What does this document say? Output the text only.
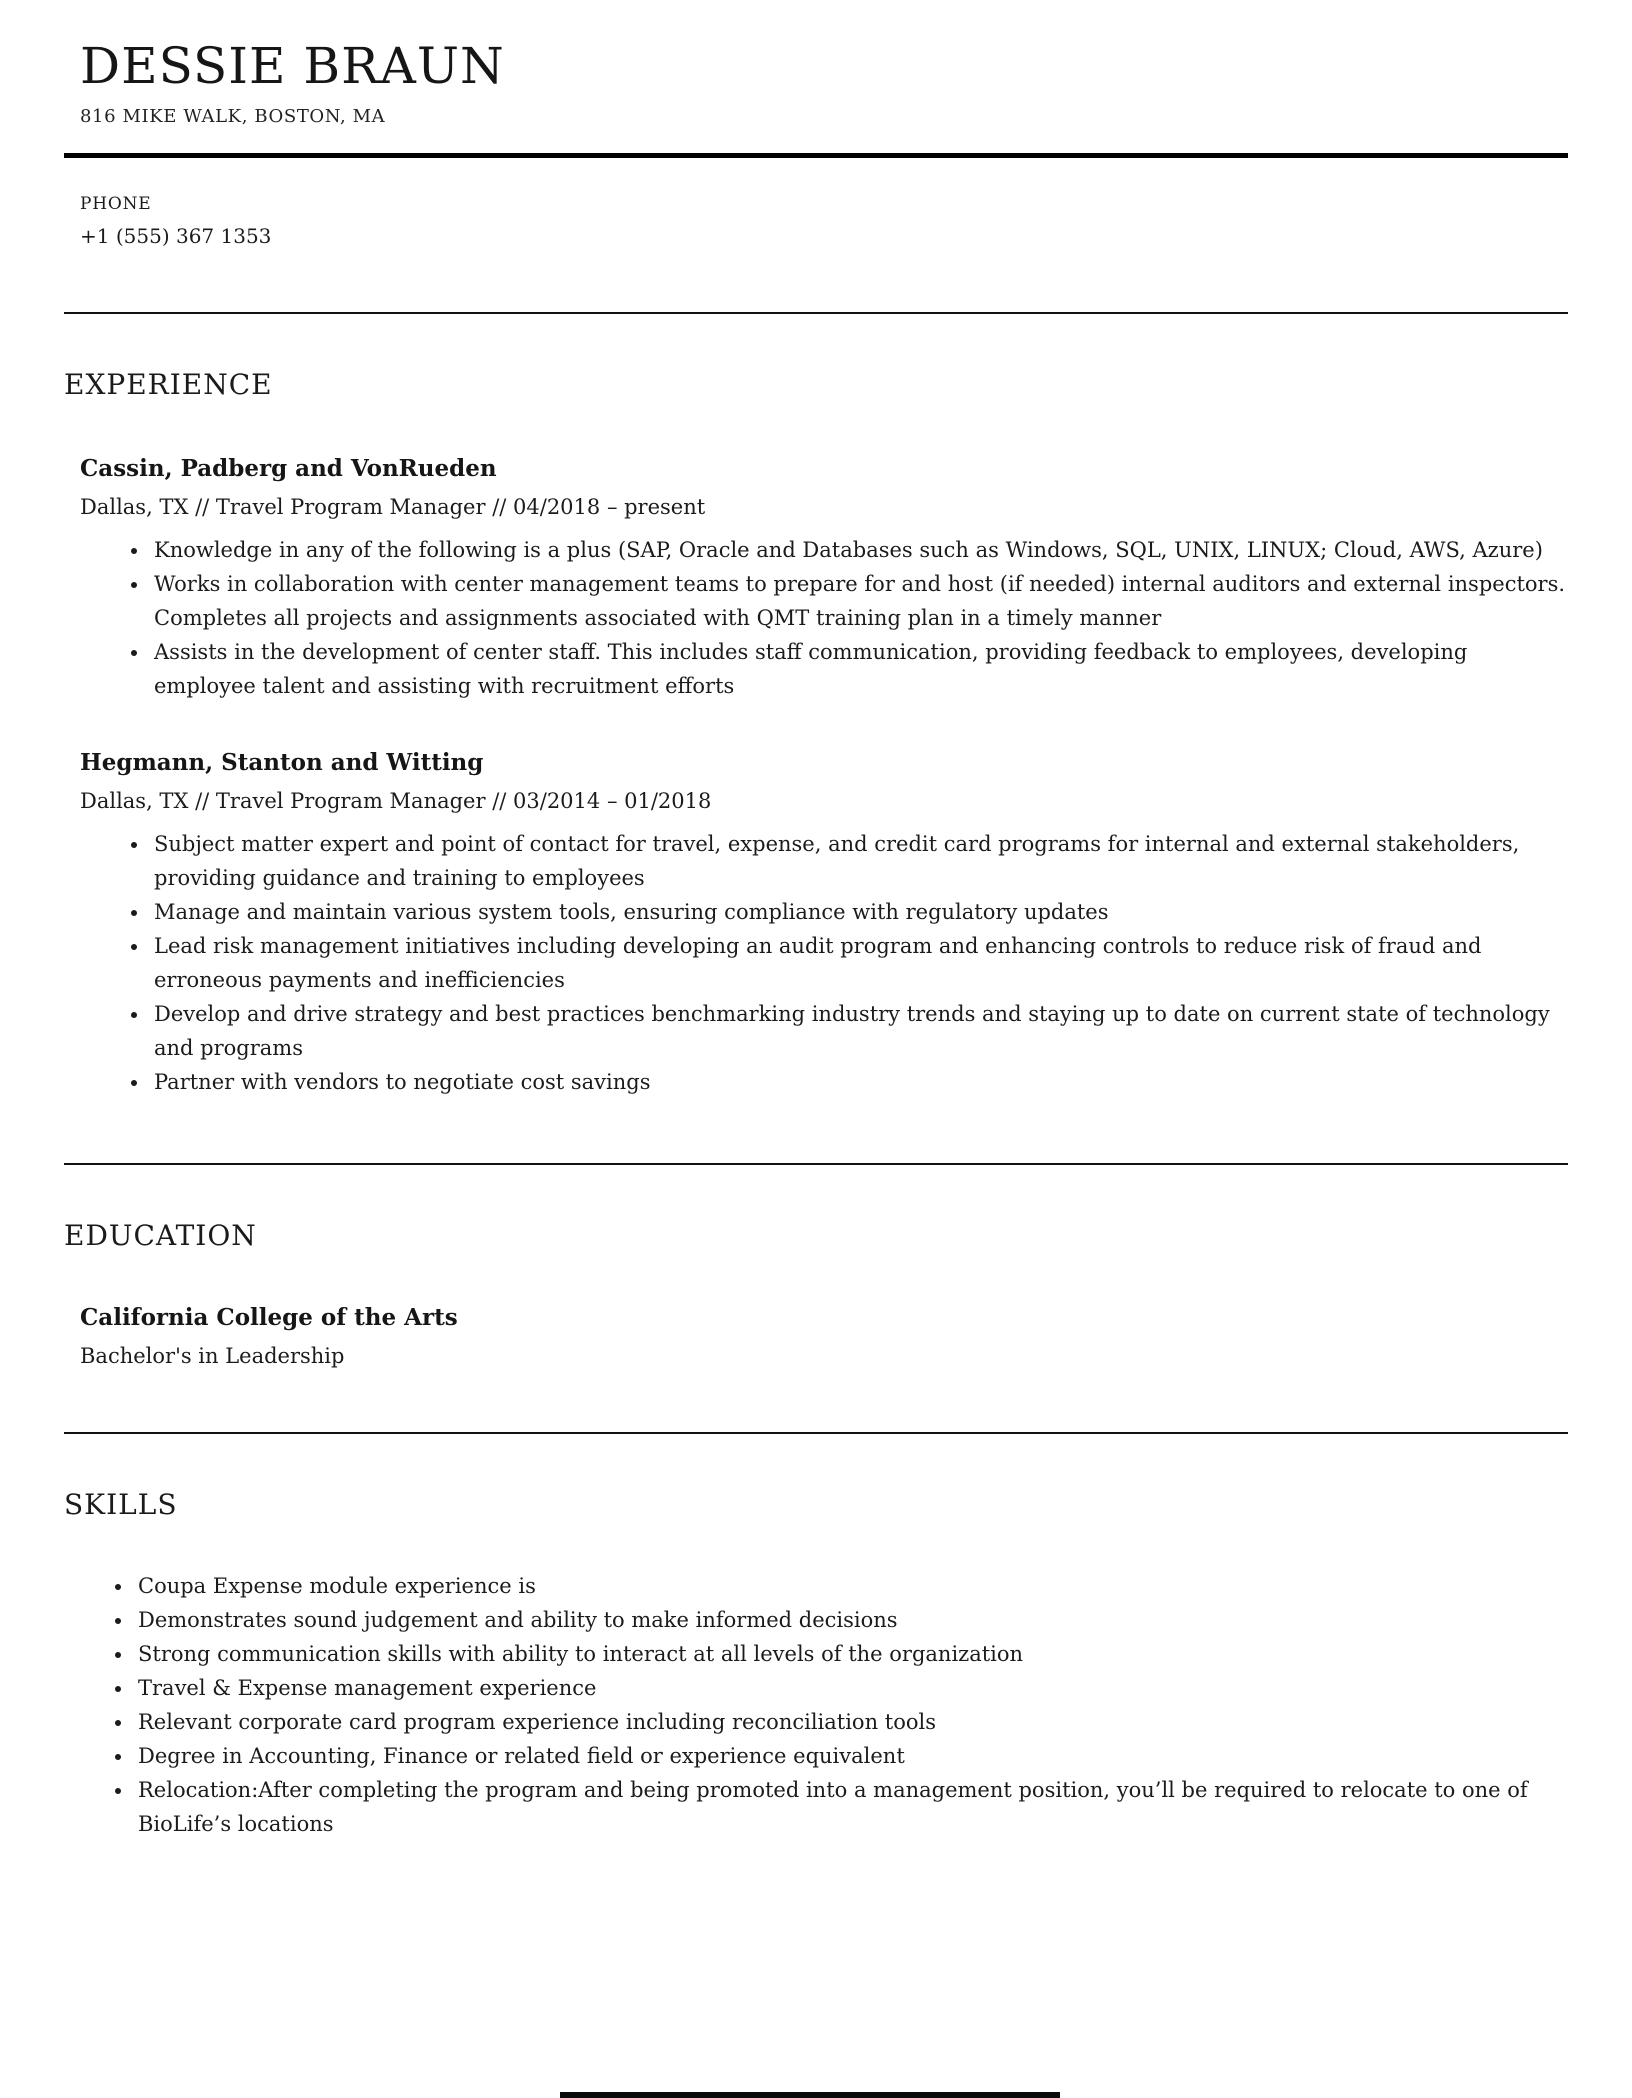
DESSIE BRAUN
816 MIKE WALK, BOSTON, MA
PHONE
+1 (555) 367 1353
EXPERIENCE
Cassin, Padberg and VonRueden
Dallas, TX // Travel Program Manager // 04/2018 – present
• Knowledge in any of the following is a plus (SAP, Oracle and Databases such as Windows, SQL, UNIX, LINUX; Cloud, AWS, Azure)
• Works in collaboration with center management teams to prepare for and host (if needed) internal auditors and external inspectors. Completes all projects and assignments associated with QMT training plan in a timely manner
• Assists in the development of center staff. This includes staff communication, providing feedback to employees, developing employee talent and assisting with recruitment efforts
Hegmann, Stanton and Witting
Dallas, TX // Travel Program Manager // 03/2014 – 01/2018
• Subject matter expert and point of contact for travel, expense, and credit card programs for internal and external stakeholders, providing guidance and training to employees
• Manage and maintain various system tools, ensuring compliance with regulatory updates
• Lead risk management initiatives including developing an audit program and enhancing controls to reduce risk of fraud and erroneous payments and inefficiencies
• Develop and drive strategy and best practices benchmarking industry trends and staying up to date on current state of technology and programs
• Partner with vendors to negotiate cost savings
EDUCATION
California College of the Arts
Bachelor's in Leadership
SKILLS
• Coupa Expense module experience is
• Demonstrates sound judgement and ability to make informed decisions
• Strong communication skills with ability to interact at all levels of the organization
• Travel & Expense management experience
• Relevant corporate card program experience including reconciliation tools
• Degree in Accounting, Finance or related field or experience equivalent
• Relocation:After completing the program and being promoted into a management position, you’ll be required to relocate to one of BioLife’s locations
